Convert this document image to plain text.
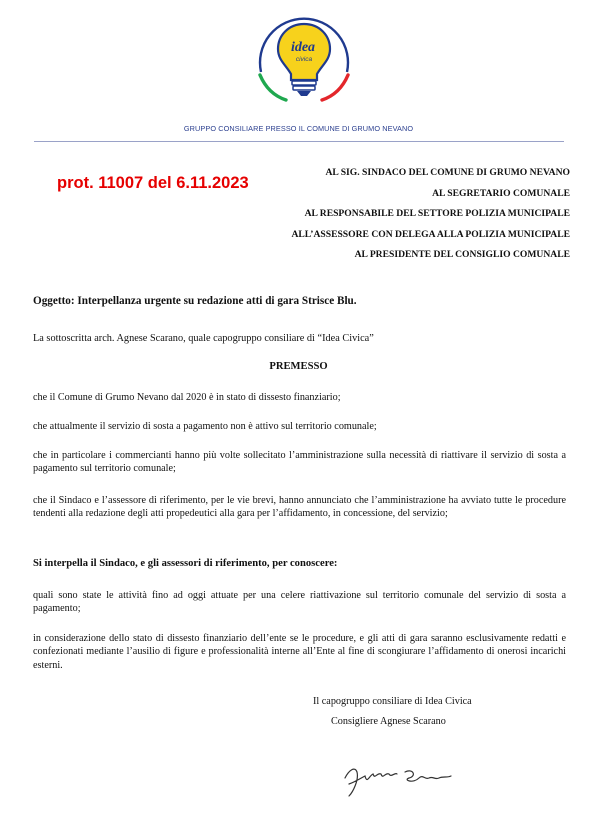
idea
civica
GRUPPO CONSILIARE PRESSO IL COMUNE DI GRUMO NEVANO
prot. 11007 del 6.11.2023
AL SIG. SINDACO DEL COMUNE DI GRUMO NEVANO
AL SEGRETARIO COMUNALE
AL RESPONSABILE DEL SETTORE POLIZIA MUNICIPALE
ALL’ASSESSORE CON DELEGA ALLA POLIZIA MUNICIPALE
AL PRESIDENTE DEL CONSIGLIO COMUNALE
Oggetto: Interpellanza urgente su redazione atti di gara Strisce Blu.
La sottoscritta arch. Agnese Scarano, quale capogruppo consiliare di “Idea Civica”
PREMESSO
che il Comune di Grumo Nevano dal 2020 è in stato di dissesto finanziario;
che attualmente il servizio di sosta a pagamento non è attivo sul territorio comunale;
che in particolare i commercianti hanno più volte sollecitato l’amministrazione sulla necessità di riattivare il servizio di sosta a pagamento sul territorio comunale;
che il Sindaco e l’assessore di riferimento, per le vie brevi, hanno annunciato che l’amministrazione ha avviato tutte le procedure tendenti alla redazione degli atti propedeutici alla gara per l’affidamento, in concessione, del servizio;
Si interpella il Sindaco, e gli assessori di riferimento, per conoscere:
quali sono state le attività fino ad oggi attuate per una celere riattivazione sul territorio comunale del servizio di sosta a pagamento;
in considerazione dello stato di dissesto finanziario dell’ente se le procedure, e gli atti di gara saranno esclusivamente redatti e confezionati mediante l’ausilio di figure e professionalità interne all’Ente al fine di scongiurare l’affidamento di onerosi incarichi esterni.
Il capogruppo consiliare di Idea Civica
Consigliere Agnese Scarano
